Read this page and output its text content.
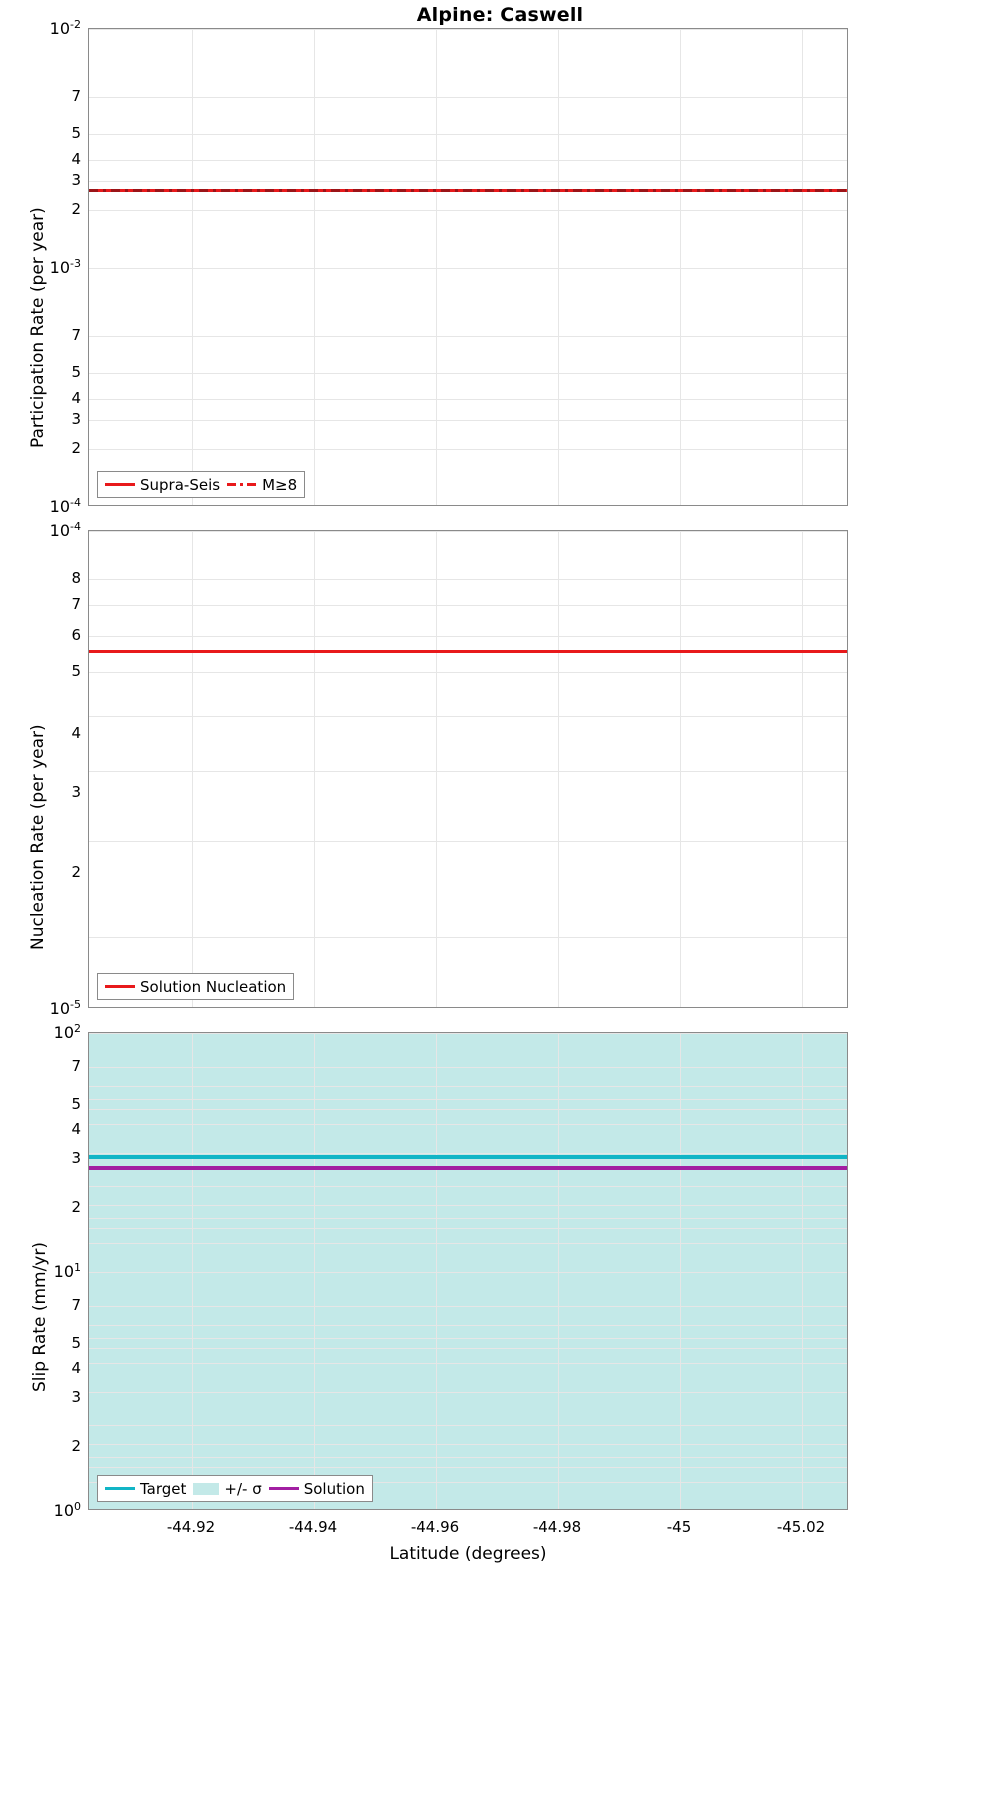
Alpine: Caswell
$10^{-2}$
7
5
4
3
2
$10^{-3}$
7
5
4
3
2
$10^{-4}$
Participation Rate (per year)
Supra-Seis	M≥8
$10^{-4}$
8
7
6
5
4
3
2
$10^{-5}$
Nucleation Rate (per year)
Solution Nucleation
$10^2$
7
5
4
3
2
$10^1$
7
5
4
3
2
$10^0$
Slip Rate (mm/yr)
-44.92	-44.94	-44.96	-44.98	-45	-45.02
Latitude (degrees)
Target	+/- σ	Solution
